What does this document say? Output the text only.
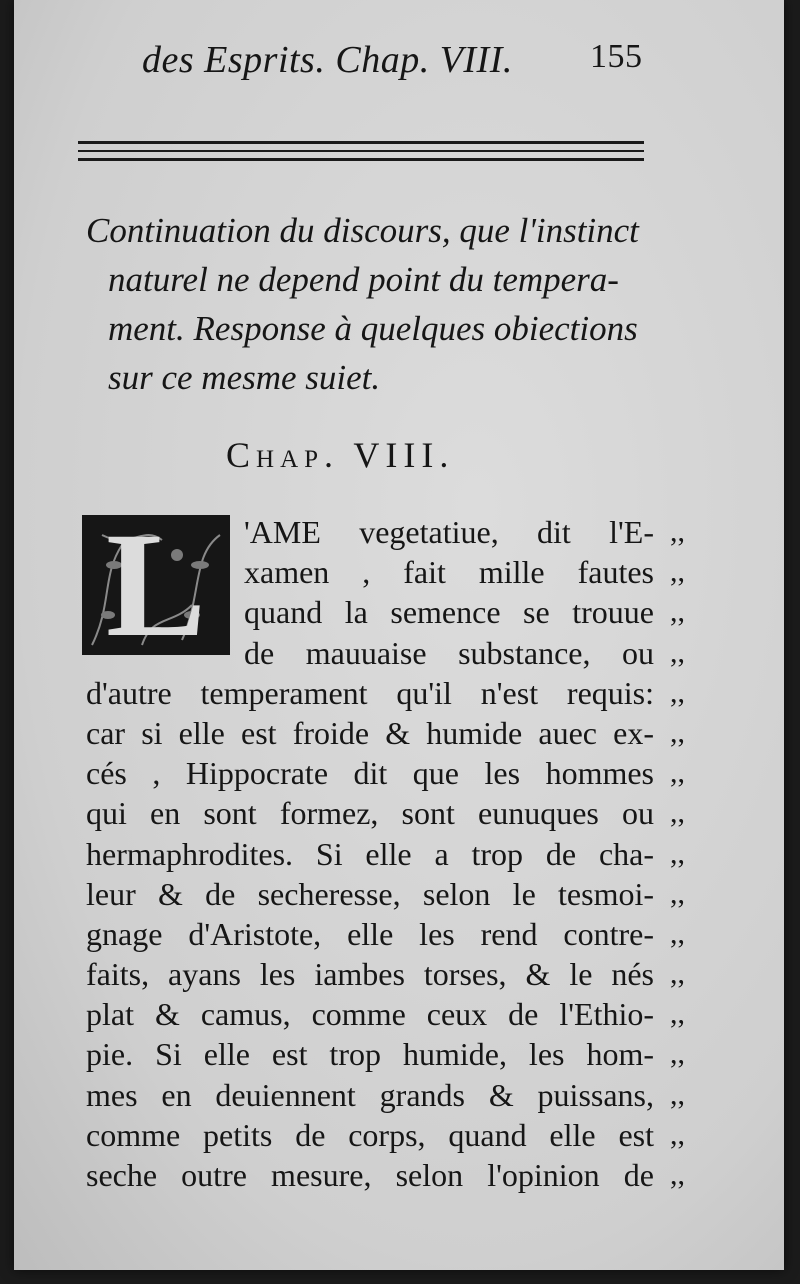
des Esprits. Chap. VIII. 155
Continuation du discours, que l'instinct
naturel ne depend point du tempera-
ment. Response à quelques obiections
sur ce mesme suiet.
Chap. VIII.
L	'AME vegetatiue, dit l'E-
xamen , fait mille fautes
quand la semence se trouue
de mauuaise substance, ou
d'autre temperament qu'il n'est requis:
car si elle est froide & humide auec ex-
cés , Hippocrate dit que les hommes
qui en sont formez, sont eunuques ou
hermaphrodites. Si elle a trop de cha-
leur & de secheresse, selon le tesmoi-
gnage d'Aristote, elle les rend contre-
faits, ayans les iambes torses, & le nés
plat & camus, comme ceux de l'Ethio-
pie. Si elle est trop humide, les hom-
mes en deuiennent grands & puissans,
comme petits de corps, quand elle est
seche outre mesure, selon l'opinion de
,,
,,
,,
,,
,,
,,
,,
,,
,,
,,
,,
,,
,,
,,
,,
,,
,,
